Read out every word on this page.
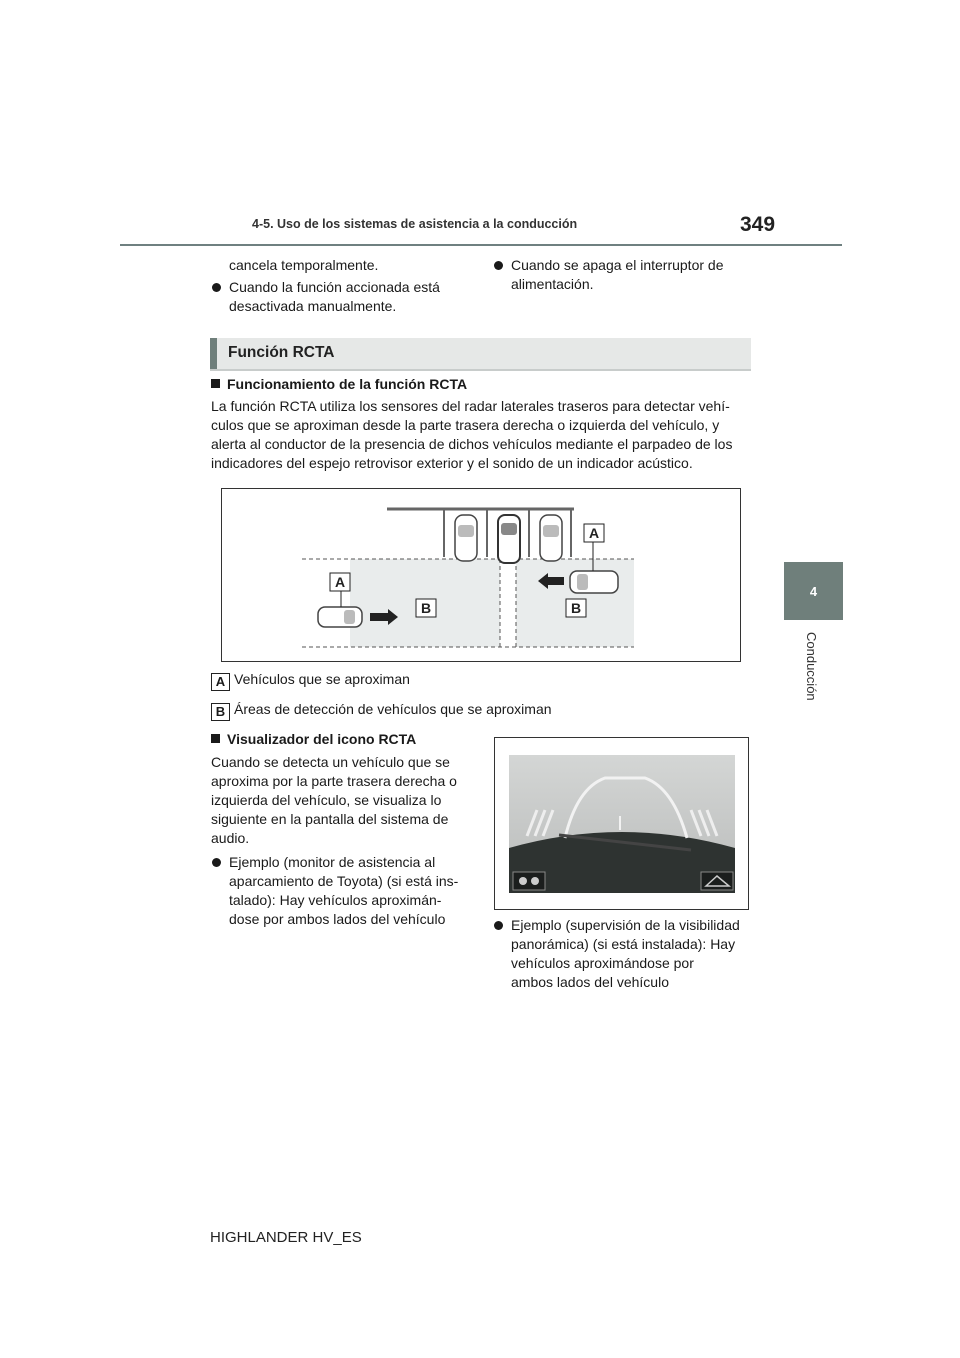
4-5. Uso de los sistemas de asistencia a la conducción	349
4
Conducción
cancela temporalmente.
Cuando la función accionada está
desactivada manualmente.
Cuando se apaga el interruptor de
alimentación.
Función RCTA
Funcionamiento de la función RCTA
La función RCTA utiliza los sensores del radar laterales traseros para detectar vehí-
culos que se aproximan desde la parte trasera derecha o izquierda del vehículo, y
alerta al conductor de la presencia de dichos vehículos mediante el parpadeo de los
indicadores del espejo retrovisor exterior y el sonido de un indicador acústico.
A
A
B	B
A Vehículos que se aproximan
B Áreas de detección de vehículos que se aproximan
Visualizador del icono RCTA
Cuando se detecta un vehículo que se
aproxima por la parte trasera derecha o
izquierda del vehículo, se visualiza lo
siguiente en la pantalla del sistema de
audio.
Ejemplo (monitor de asistencia al
aparcamiento de Toyota) (si está ins-
talado): Hay vehículos aproximán-
dose por ambos lados del vehículo	Ejemplo (supervisión de la visibilidad
panorámica) (si está instalada): Hay
vehículos aproximándose por
ambos lados del vehículo
HIGHLANDER HV_ES
